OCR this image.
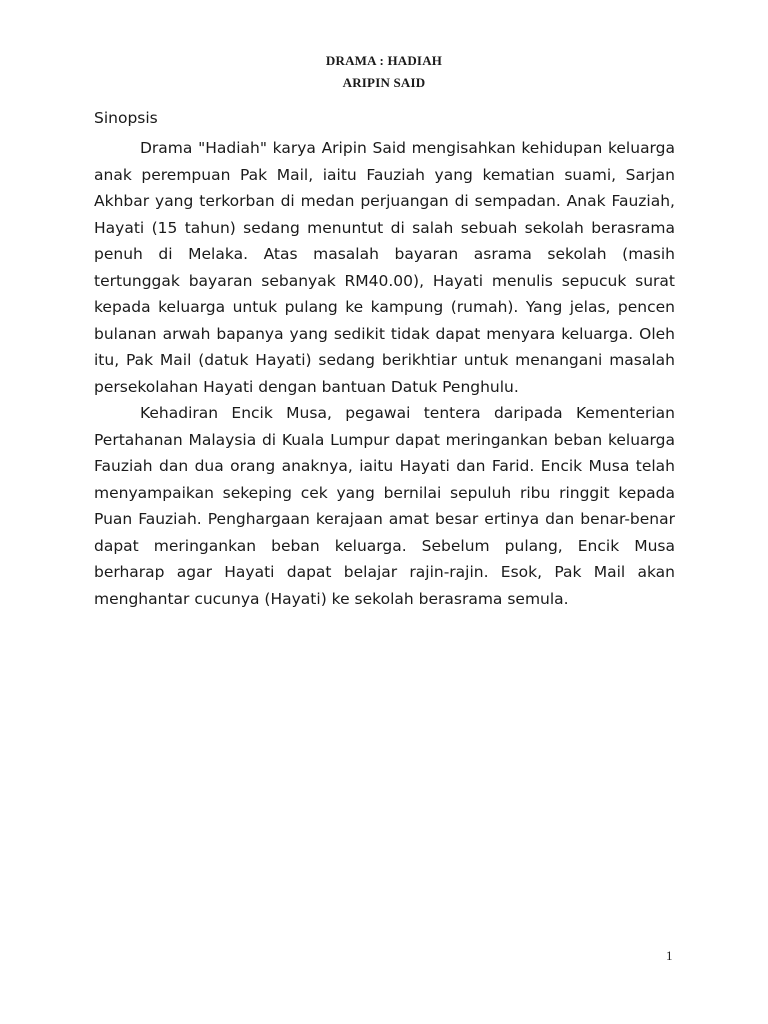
DRAMA : HADIAH
ARIPIN SAID
Sinopsis

Drama "Hadiah" karya Aripin Said mengisahkan kehidupan keluarga anak perempuan Pak Mail, iaitu Fauziah yang kematian suami, Sarjan Akhbar yang terkorban di medan perjuangan di sempadan. Anak Fauziah, Hayati (15 tahun) sedang menuntut di salah sebuah sekolah berasrama penuh di Melaka. Atas masalah bayaran asrama sekolah (masih tertunggak bayaran sebanyak RM40.00), Hayati menulis sepucuk surat kepada keluarga untuk pulang ke kampung (rumah). Yang jelas, pencen bulanan arwah bapanya yang sedikit tidak dapat menyara keluarga. Oleh itu, Pak Mail (datuk Hayati) sedang berikhtiar untuk menangani masalah persekolahan Hayati dengan bantuan Datuk Penghulu.

Kehadiran Encik Musa, pegawai tentera daripada Kementerian Pertahanan Malaysia di Kuala Lumpur dapat meringankan beban keluarga Fauziah dan dua orang anaknya, iaitu Hayati dan Farid. Encik Musa telah menyampaikan sekeping cek yang bernilai sepuluh ribu ringgit kepada Puan Fauziah. Penghargaan kerajaan amat besar ertinya dan benar-benar dapat meringankan beban keluarga. Sebelum pulang, Encik Musa berharap agar Hayati dapat belajar rajin-rajin. Esok, Pak Mail akan menghantar cucunya (Hayati) ke sekolah berasrama semula.

1
